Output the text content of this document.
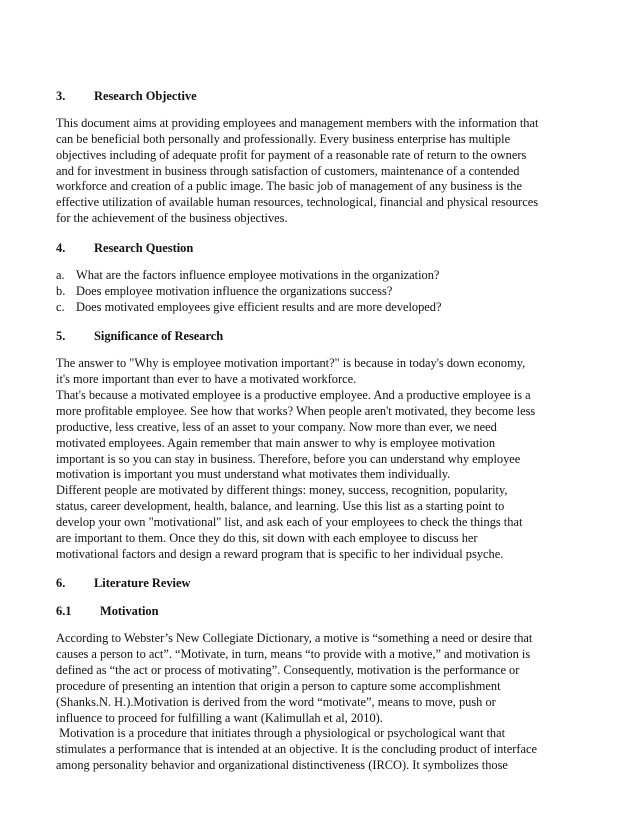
3. Research Objective
This document aims at providing employees and management members with the information that
can be beneficial both personally and professionally. Every business enterprise has multiple
objectives including of adequate profit for payment of a reasonable rate of return to the owners
and for investment in business through satisfaction of customers, maintenance of a contended
workforce and creation of a public image. The basic job of management of any business is the
effective utilization of available human resources, technological, financial and physical resources
for the achievement of the business objectives.
4. Research Question
a. What are the factors influence employee motivations in the organization?
b. Does employee motivation influence the organizations success?
c. Does motivated employees give efficient results and are more developed?
5. Significance of Research
The answer to "Why is employee motivation important?" is because in today's down economy,
it's more important than ever to have a motivated workforce.
That's because a motivated employee is a productive employee. And a productive employee is a
more profitable employee. See how that works? When people aren't motivated, they become less
productive, less creative, less of an asset to your company. Now more than ever, we need
motivated employees. Again remember that main answer to why is employee motivation
important is so you can stay in business. Therefore, before you can understand why employee
motivation is important you must understand what motivates them individually.
Different people are motivated by different things: money, success, recognition, popularity,
status, career development, health, balance, and learning. Use this list as a starting point to
develop your own "motivational" list, and ask each of your employees to check the things that
are important to them. Once they do this, sit down with each employee to discuss her
motivational factors and design a reward program that is specific to her individual psyche.
6. Literature Review
6.1 Motivation
According to Webster’s New Collegiate Dictionary, a motive is “something a need or desire that
causes a person to act”. “Motivate, in turn, means “to provide with a motive,” and motivation is
defined as “the act or process of motivating”. Consequently, motivation is the performance or
procedure of presenting an intention that origin a person to capture some accomplishment
(Shanks.N. H.).Motivation is derived from the word “motivate”, means to move, push or
influence to proceed for fulfilling a want (Kalimullah et al, 2010).
Motivation is a procedure that initiates through a physiological or psychological want that
stimulates a performance that is intended at an objective. It is the concluding product of interface
among personality behavior and organizational distinctiveness (IRCO). It symbolizes those
